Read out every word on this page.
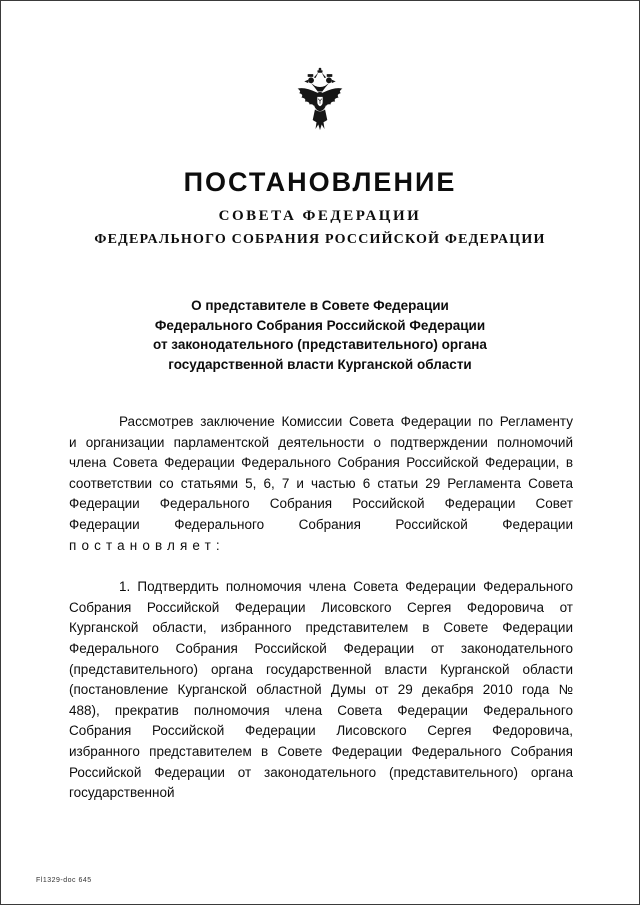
ПОСТАНОВЛЕНИЕ
СОВЕТА ФЕДЕРАЦИИ
ФЕДЕРАЛЬНОГО СОБРАНИЯ РОССИЙСКОЙ ФЕДЕРАЦИИ
О представителе в Совете Федерации
Федерального Собрания Российской Федерации
от законодательного (представительного) органа
государственной власти Курганской области

Рассмотрев заключение Комиссии Совета Федерации по Регламенту и организации парламентской деятельности о подтверждении полномочий члена Совета Федерации Федерального Собрания Российской Федерации, в соответствии со статьями 5, 6, 7 и частью 6 статьи 29 Регламента Совета Федерации Федерального Собрания Российской Федерации Совет Федерации Федерального Собрания Российской Федерации постановляет:

1. Подтвердить полномочия члена Совета Федерации Федерального Собрания Российской Федерации Лисовского Сергея Федоровича от Курганской области, избранного представителем в Совете Федерации Федерального Собрания Российской Федерации от законодательного (представительного) органа государственной власти Курганской области (постановление Курганской областной Думы от 29 декабря 2010 года № 488), прекратив полномочия члена Совета Федерации Федерального Собрания Российской Федерации Лисовского Сергея Федоровича, избранного представителем в Совете Федерации Федерального Собрания Российской Федерации от законодательного (представительного) органа государственной

Fl1329-doc 645
